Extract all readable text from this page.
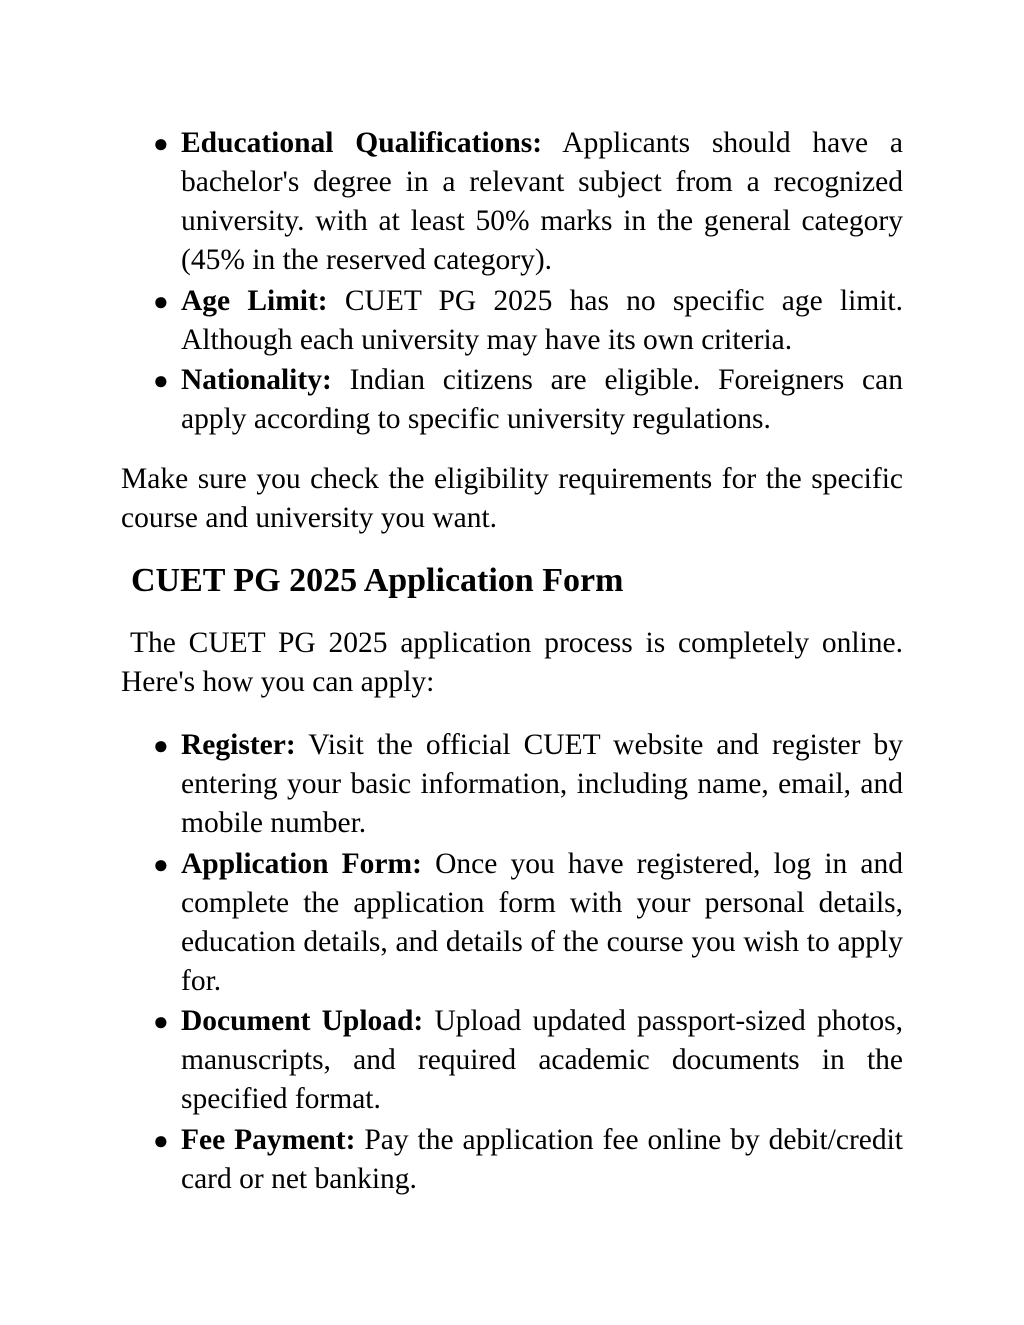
● Educational Qualifications: Applicants should have a bachelor's degree in a relevant subject from a recognized university. with at least 50% marks in the general category (45% in the reserved category).
● Age Limit: CUET PG 2025 has no specific age limit. Although each university may have its own criteria.
● Nationality: Indian citizens are eligible. Foreigners can apply according to specific university regulations.

Make sure you check the eligibility requirements for the specific course and university you want.

CUET PG 2025 Application Form

The CUET PG 2025 application process is completely online. Here's how you can apply:

● Register: Visit the official CUET website and register by entering your basic information, including name, email, and mobile number.
● Application Form: Once you have registered, log in and complete the application form with your personal details, education details, and details of the course you wish to apply for.
● Document Upload: Upload updated passport-sized photos, manuscripts, and required academic documents in the specified format.
● Fee Payment: Pay the application fee online by debit/credit card or net banking.
